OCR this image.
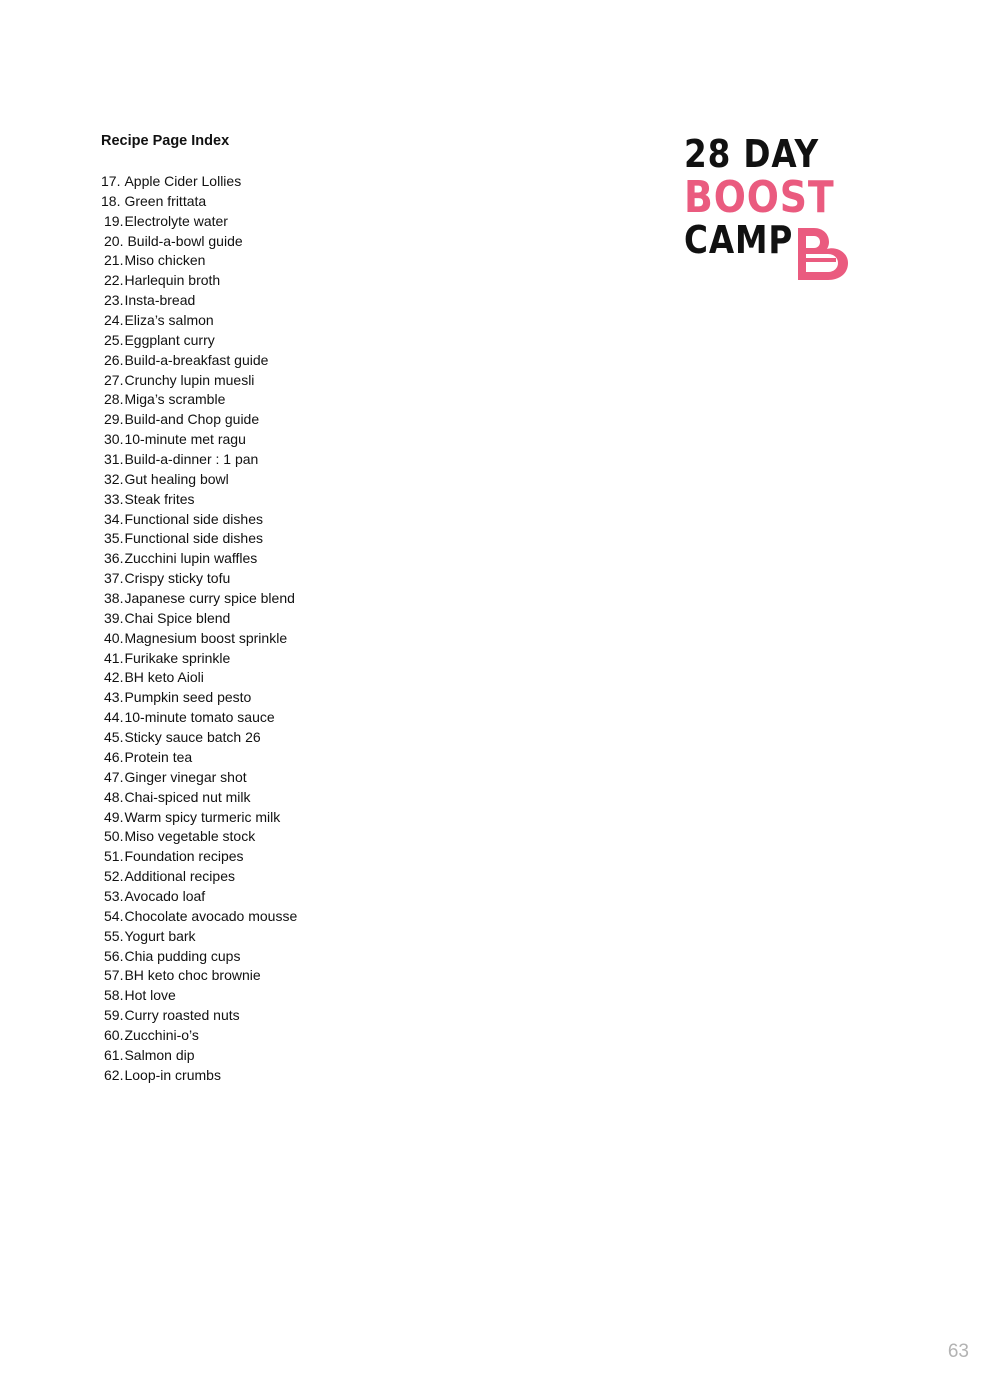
Recipe Page Index
17. Apple Cider Lollies
18. Green frittata
19.Electrolyte water
20. Build-a-bowl guide
21.Miso chicken
22.Harlequin broth
23.Insta-bread
24.Eliza’s salmon
25.Eggplant curry
26.Build-a-breakfast guide
27.Crunchy lupin muesli
28.Miga’s scramble
29.Build-and Chop guide
30.10-minute met ragu
31.Build-a-dinner : 1 pan
32.Gut healing bowl
33.Steak frites
34.Functional side dishes
35.Functional side dishes
36.Zucchini lupin waffles
37.Crispy sticky tofu
38.Japanese curry spice blend
39.Chai Spice blend
40.Magnesium boost sprinkle
41.Furikake sprinkle
42.BH keto Aioli
43.Pumpkin seed pesto
44.10-minute tomato sauce
45.Sticky sauce batch 26
46.Protein tea
47.Ginger vinegar shot
48.Chai-spiced nut milk
49.Warm spicy turmeric milk
50.Miso vegetable stock
51.Foundation recipes
52.Additional recipes
53.Avocado loaf
54.Chocolate avocado mousse
55.Yogurt bark
56.Chia pudding cups
57.BH keto choc brownie
58.Hot love
59.Curry roasted nuts
60.Zucchini-o’s
61.Salmon dip
62.Loop-in crumbs
28 DAY
BOOST
CAMP
63
